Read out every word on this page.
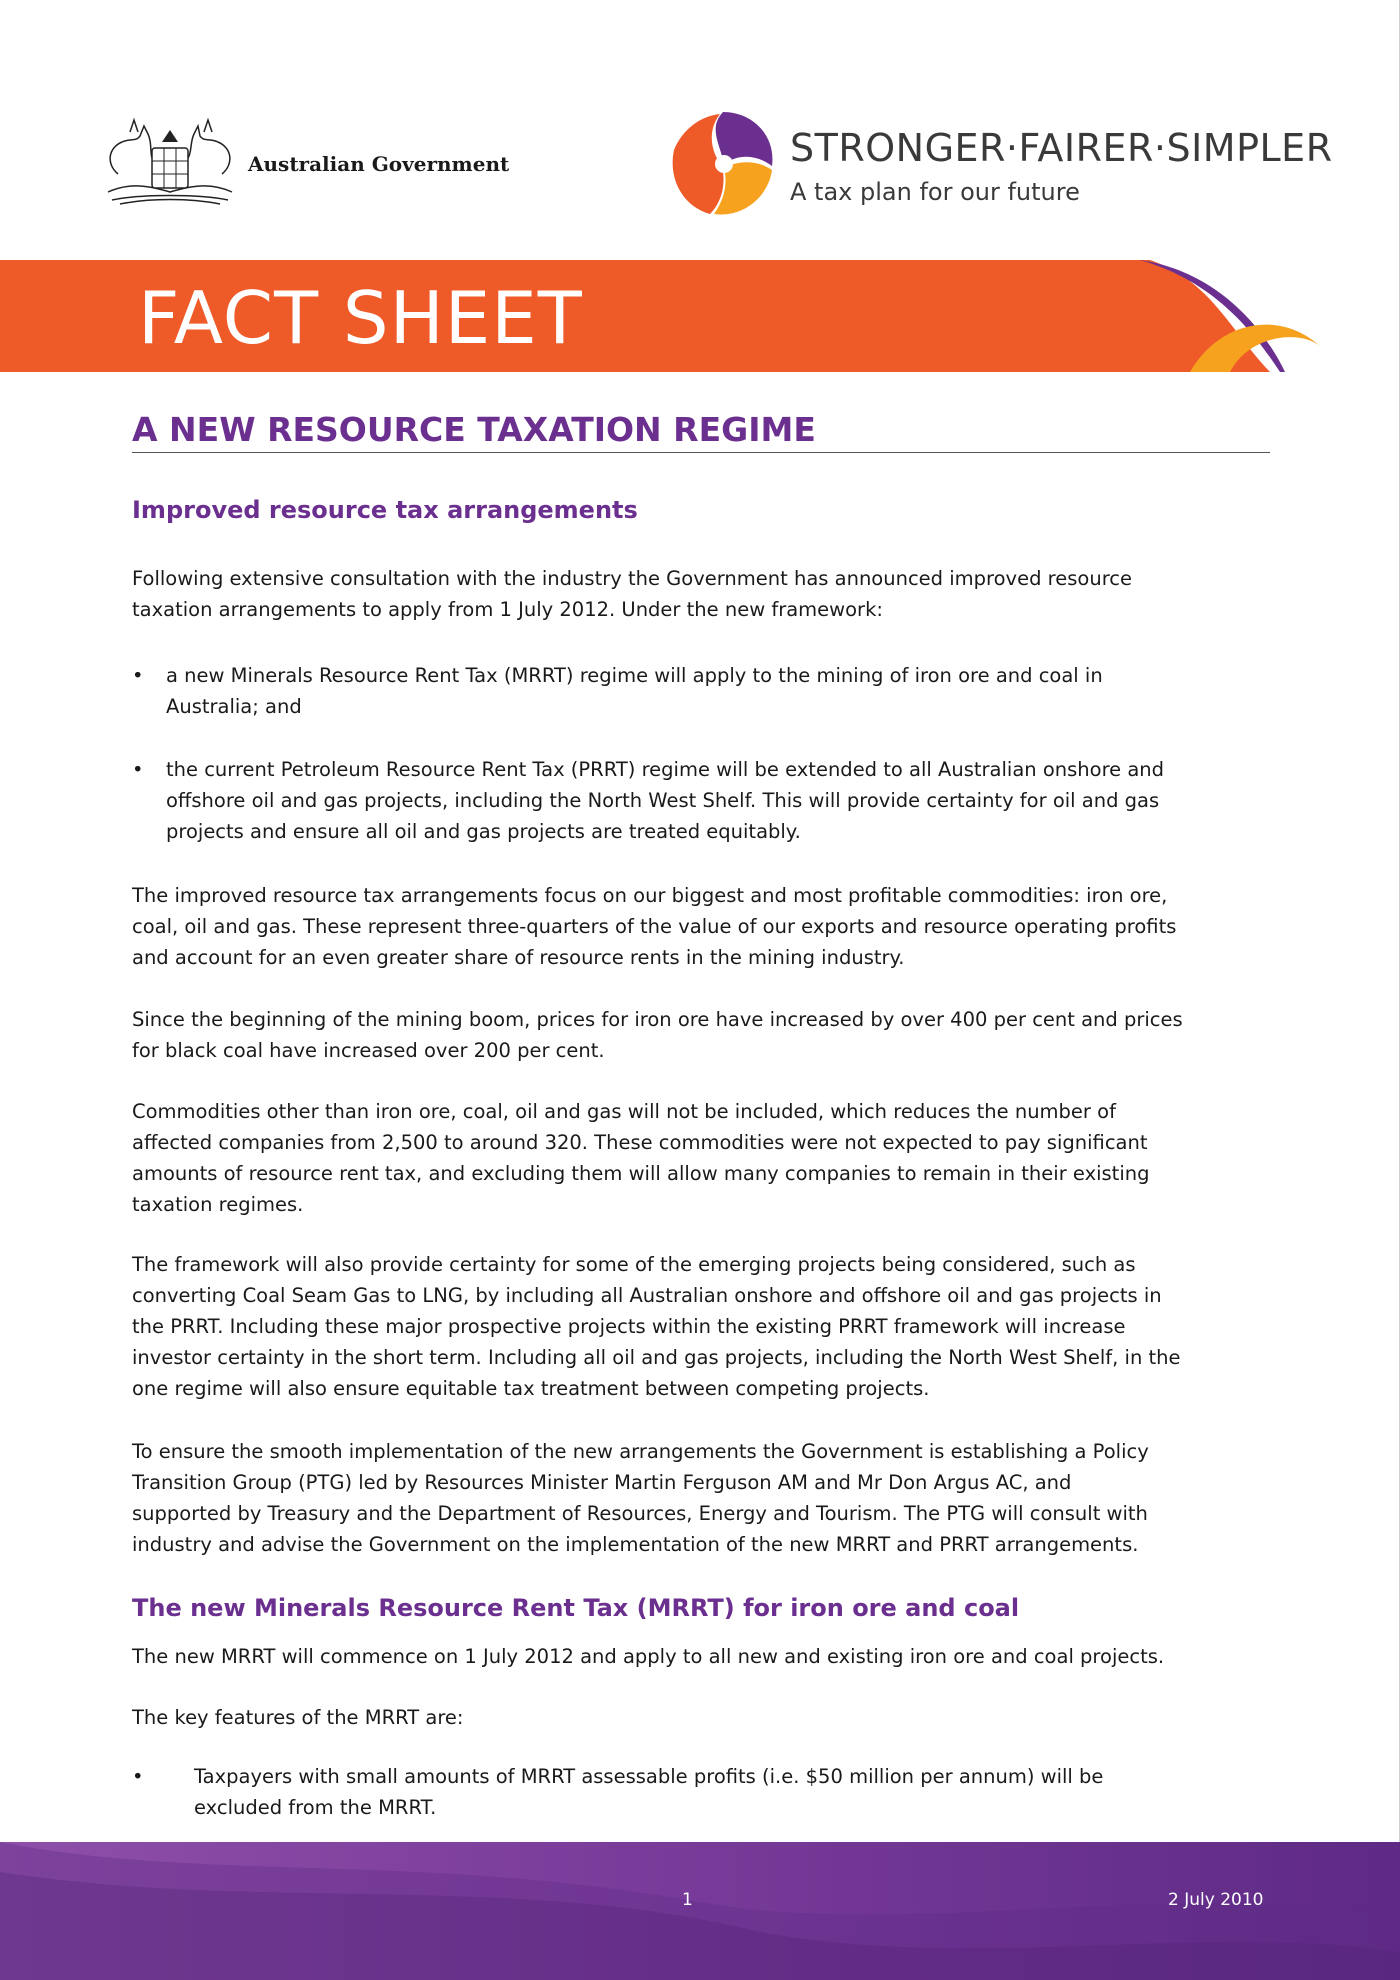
Australian Government	STRONGER·FAIRER·SIMPLER
A tax plan for our future
FACT SHEET
A NEW RESOURCE TAXATION REGIME
Improved resource tax arrangements
Following extensive consultation with the industry the Government has announced improved resource
taxation arrangements to apply from 1 July 2012. Under the new framework:
• a new Minerals Resource Rent Tax (MRRT) regime will apply to the mining of iron ore and coal in
Australia; and
• the current Petroleum Resource Rent Tax (PRRT) regime will be extended to all Australian onshore and
offshore oil and gas projects, including the North West Shelf. This will provide certainty for oil and gas
projects and ensure all oil and gas projects are treated equitably.
The improved resource tax arrangements focus on our biggest and most profitable commodities: iron ore,
coal, oil and gas. These represent three-quarters of the value of our exports and resource operating profits
and account for an even greater share of resource rents in the mining industry.
Since the beginning of the mining boom, prices for iron ore have increased by over 400 per cent and prices
for black coal have increased over 200 per cent.
Commodities other than iron ore, coal, oil and gas will not be included, which reduces the number of
affected companies from 2,500 to around 320. These commodities were not expected to pay significant
amounts of resource rent tax, and excluding them will allow many companies to remain in their existing
taxation regimes.
The framework will also provide certainty for some of the emerging projects being considered, such as
converting Coal Seam Gas to LNG, by including all Australian onshore and offshore oil and gas projects in
the PRRT. Including these major prospective projects within the existing PRRT framework will increase
investor certainty in the short term. Including all oil and gas projects, including the North West Shelf, in the
one regime will also ensure equitable tax treatment between competing projects.
To ensure the smooth implementation of the new arrangements the Government is establishing a Policy
Transition Group (PTG) led by Resources Minister Martin Ferguson AM and Mr Don Argus AC, and
supported by Treasury and the Department of Resources, Energy and Tourism. The PTG will consult with
industry and advise the Government on the implementation of the new MRRT and PRRT arrangements.
The new Minerals Resource Rent Tax (MRRT) for iron ore and coal
The new MRRT will commence on 1 July 2012 and apply to all new and existing iron ore and coal projects.
The key features of the MRRT are:
•	Taxpayers with small amounts of MRRT assessable profits (i.e. $50 million per annum) will be
excluded from the MRRT.
1	2 July 2010
